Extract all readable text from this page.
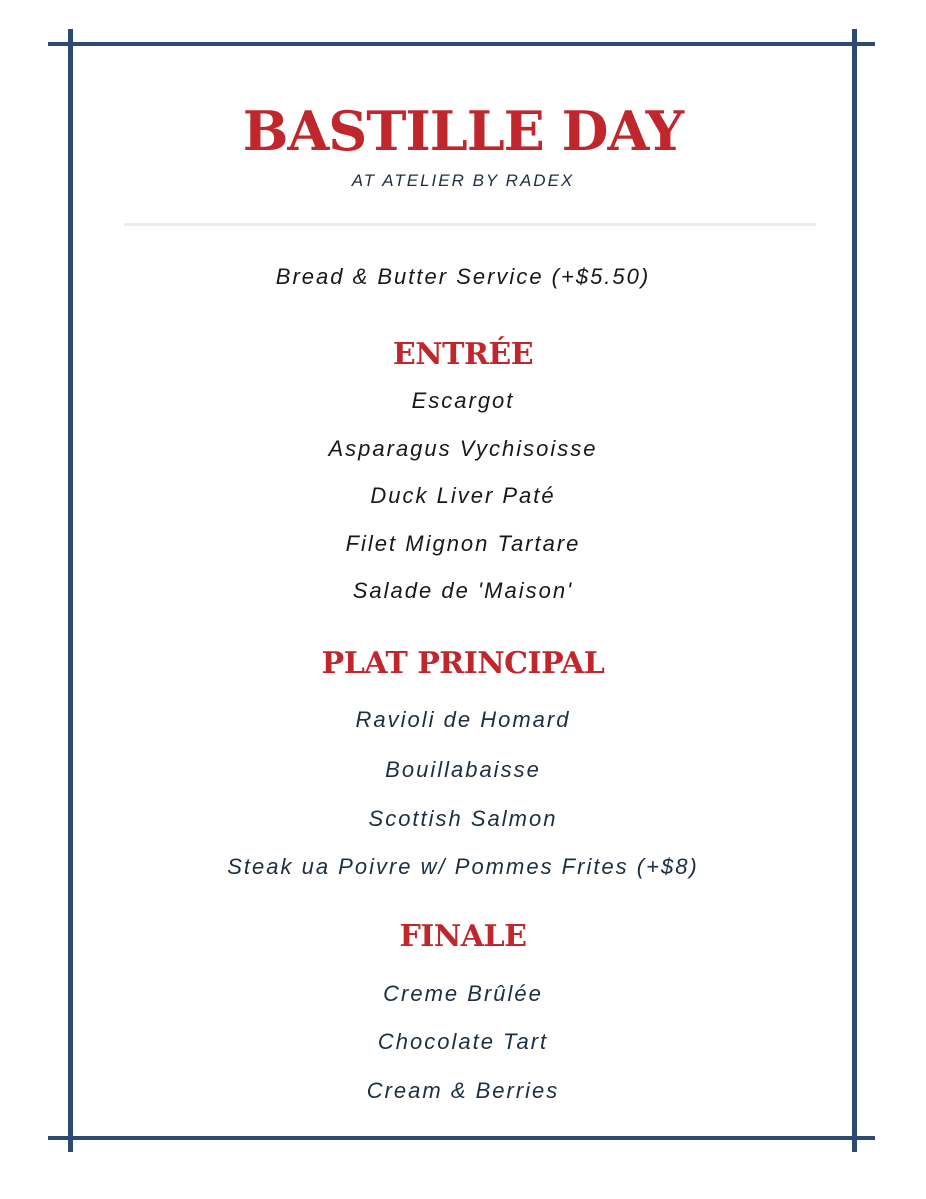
BASTILLE DAY
AT ATELIER BY RADEX
Bread & Butter Service (+$5.50)
ENTRÉE
Escargot
Asparagus Vychisoisse
Duck Liver Paté
Filet Mignon Tartare
Salade de 'Maison'
PLAT PRINCIPAL
Ravioli de Homard
Bouillabaisse
Scottish Salmon
Steak ua Poivre w/ Pommes Frites (+$8)
FINALE
Creme Brûlée
Chocolate Tart
Cream & Berries
